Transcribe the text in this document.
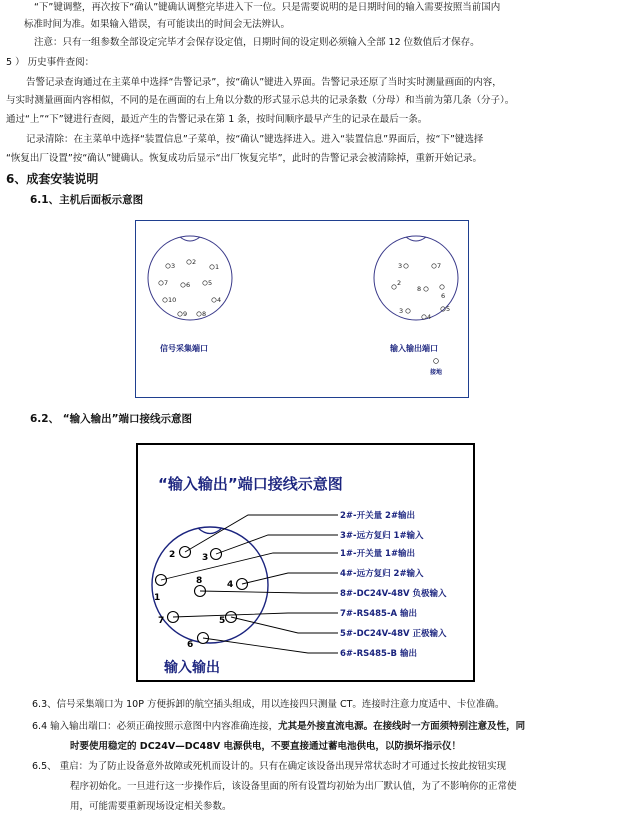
“下”键调整，再次按下“确认”键确认调整完毕进入下一位。只是需要说明的是日期时间的输入需要按照当前国内
标准时间为准。如果输入错误，有可能读出的时间会无法辨认。
注意：只有一组参数全部设定完毕才会保存设定值，日期时间的设定则必须输入全部 12 位数值后才保存。
5 ） 历史事件查阅：
告警记录查询通过在主菜单中选择“告警记录”，按“确认”键进入界面。告警记录还原了当时实时测量画面的内容，
与实时测量画面内容相似，不同的是在画面的右上角以分数的形式显示总共的记录条数（分母）和当前为第几条（分子）。
通过“上”“下”键进行查阅，最近产生的告警记录在第 1 条，按时间顺序最早产生的记录在最后一条。
记录清除：在主菜单中选择“装置信息”子菜单，按“确认”键选择进入。进入“装置信息”界面后，按“下”键选择
“恢复出厂设置”按“确认”键确认。恢复成功后显示“出厂恢复完毕”，此时的告警记录会被清除掉，重新开始记录。
6、成套安装说明
6.1、主机后面板示意图
3	2
1
7	6	5
10	4
9 8
信号采集端口
3	7
2
8
6
3
4
5
输入输出端口
接地
6.2、 “输入输出”端口接线示意图
“输入输出”端口接线示意图
2	3
1
8	4
7	5
6
2#-开关量 2#输出
3#-远方复归 1#输入
1#-开关量 1#输出
4#-远方复归 2#输入
8#-DC24V-48V 负极输入
7#-RS485-A 输出
5#-DC24V-48V 正极输入
6#-RS485-B 输出
输入输出
6.3、信号采集端口为 10P 方便拆卸的航空插头组成，用以连接四只测量 CT。连接时注意力度适中、卡位准确。
6.4 输入输出端口：必须正确按照示意图中内容准确连接，尤其是外接直流电源。在接线时一方面须特别注意及性，同
时要使用稳定的 DC24V—DC48V 电源供电，不要直接通过蓄电池供电，以防损坏指示仪！
6.5、 重启：为了防止设备意外故障或死机而设计的。只有在确定该设备出现异常状态时才可通过长按此按钮实现
程序初始化。一旦进行这一步操作后，该设备里面的所有设置均初始为出厂默认值，为了不影响你的正常使
用，可能需要重新现场设定相关参数。
